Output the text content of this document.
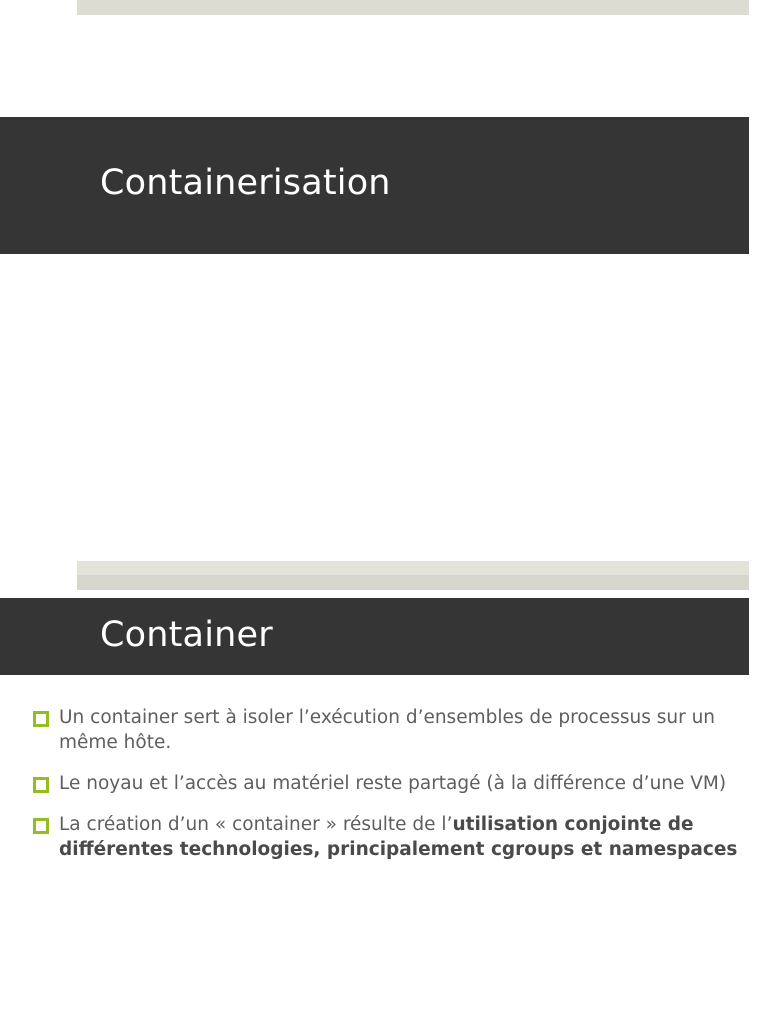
Containerisation
Container
Un container sert à isoler l’exécution d’ensembles de processus sur un même hôte.
Le noyau et l’accès au matériel reste partagé (à la différence d’une VM)
La création d’un « container » résulte de l’utilisation conjointe de différentes technologies, principalement cgroups et namespaces
